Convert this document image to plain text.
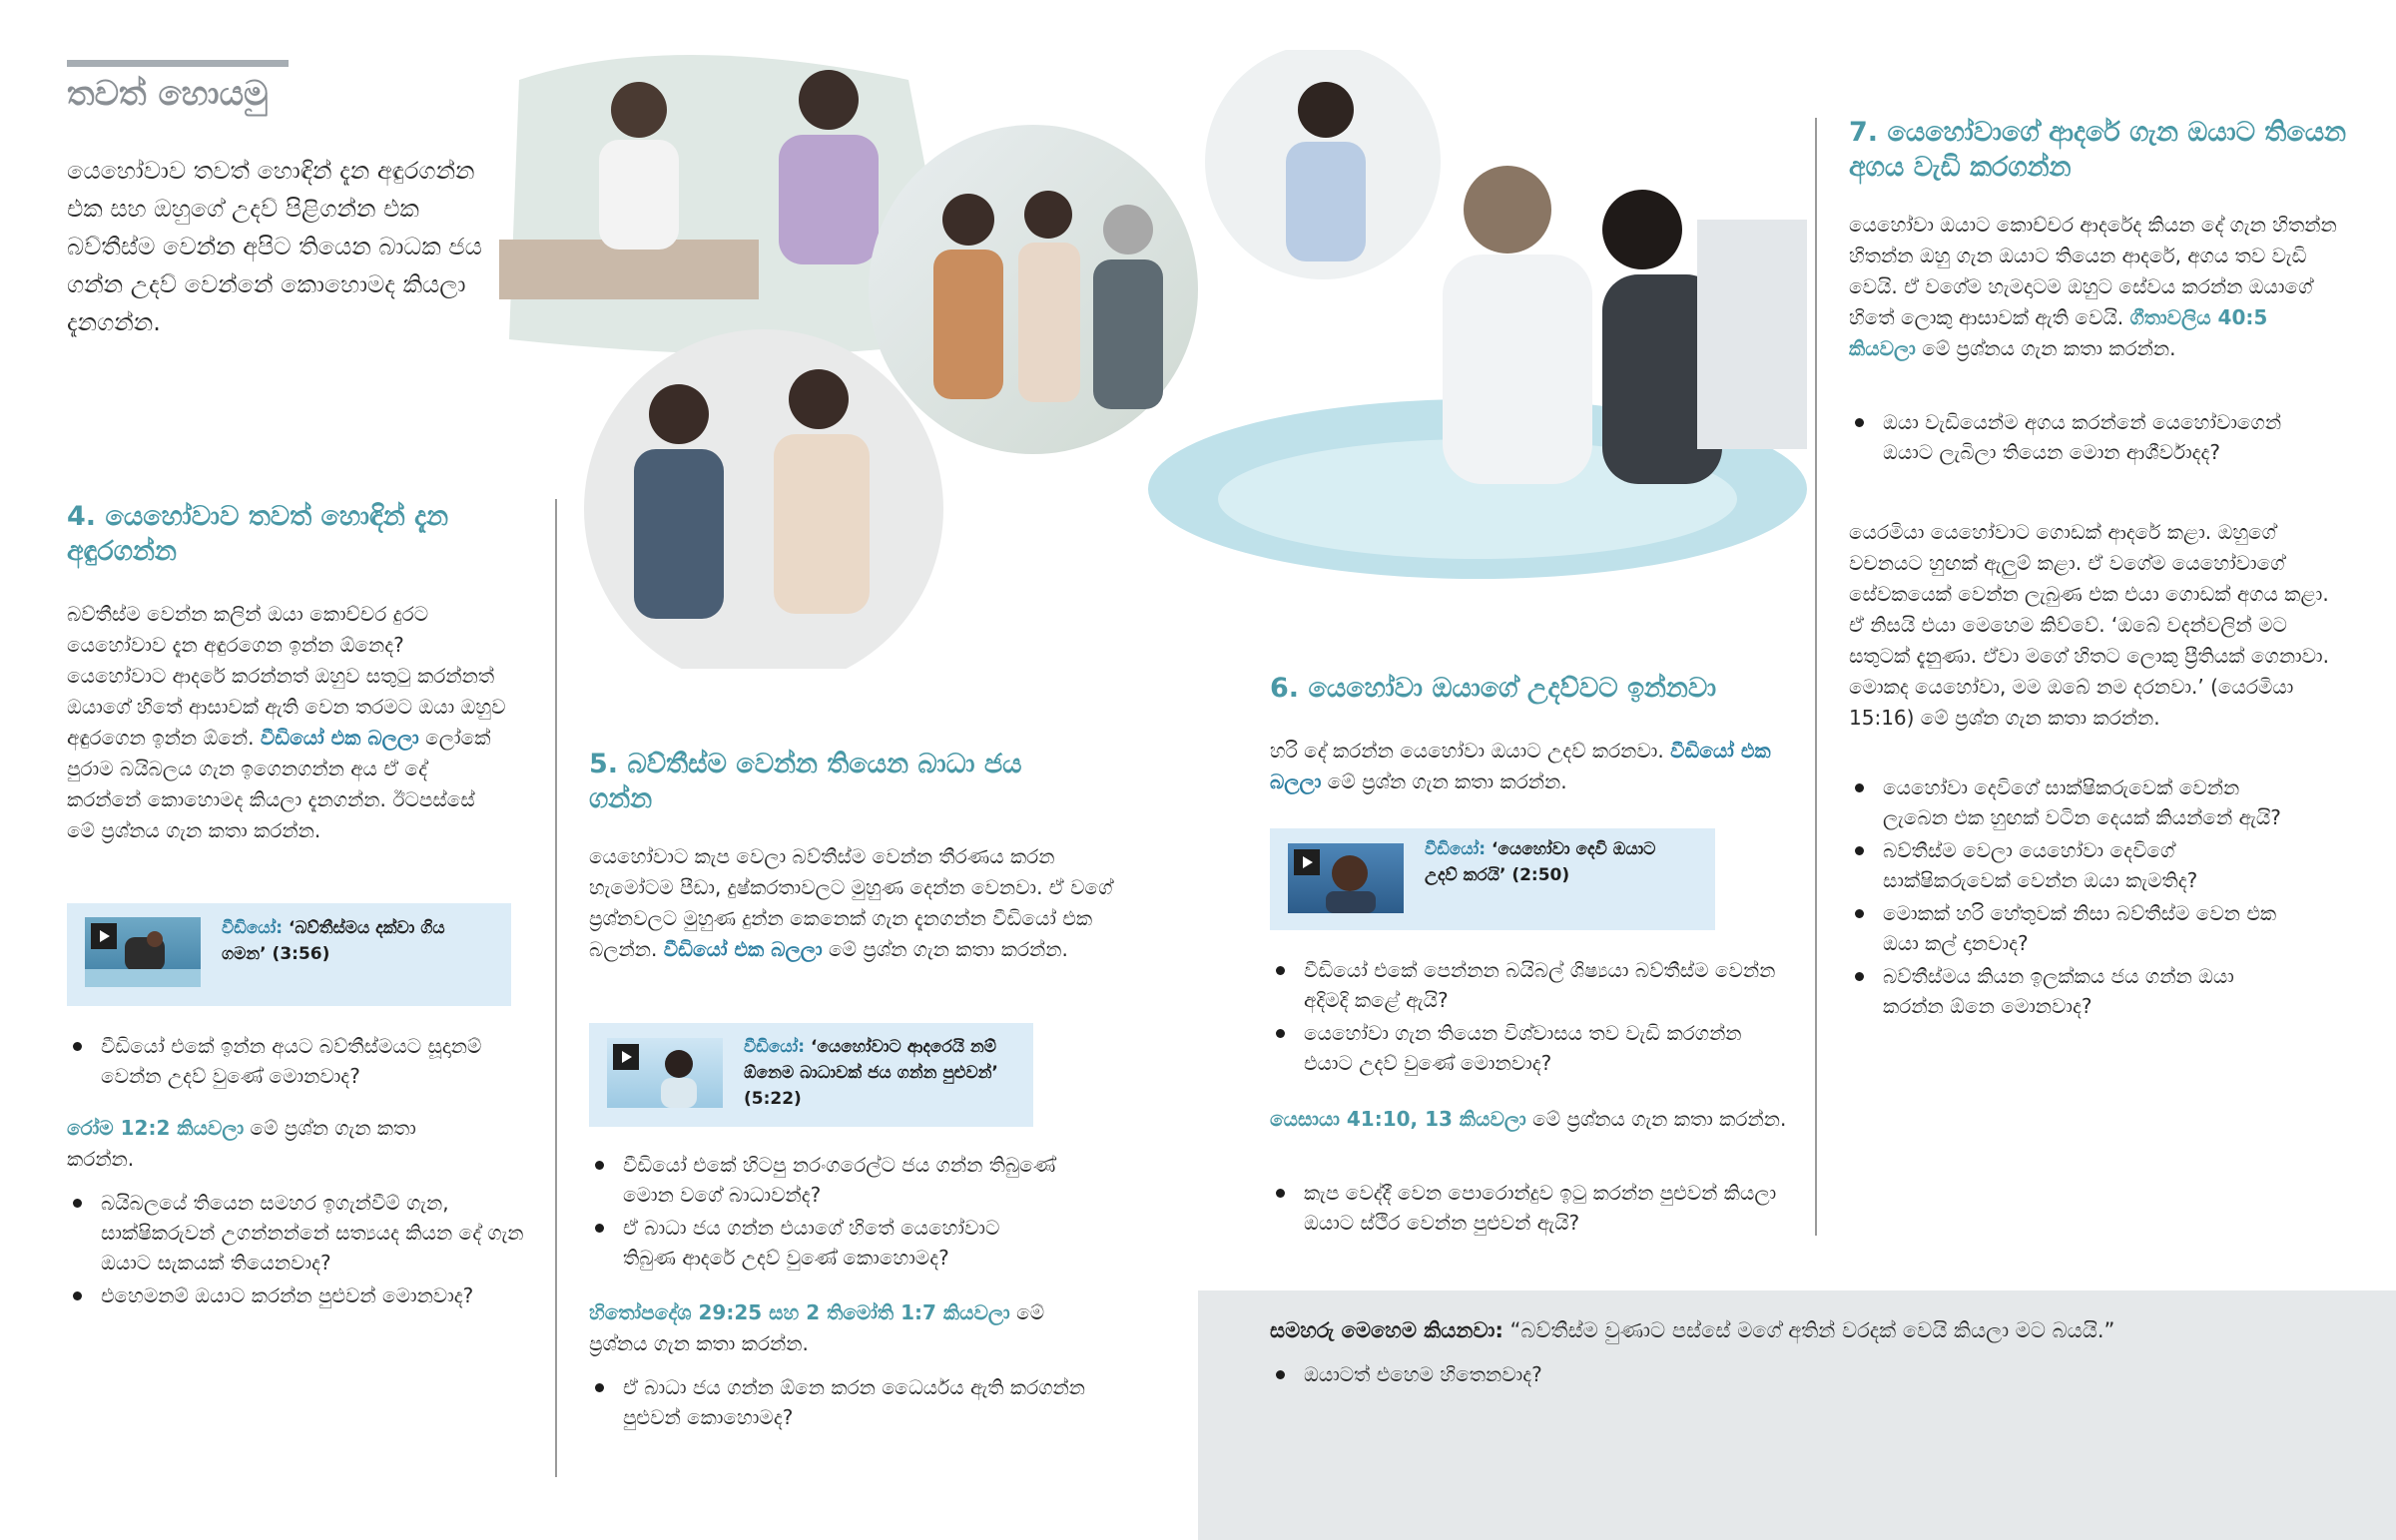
තවත් හොයමු
යෙහෝවාව තවත් හොඳින් දැන අඳුරගන්න එක සහ ඔහුගේ උදව් පිළිගන්න එක බව්තීස්ම වෙන්න අපිට තියෙන බාධක ජය ගන්න උදව් වෙන්නේ කොහොමද කියලා දැනගන්න.
4. යෙහෝවාව තවත් හොඳින් දැන අඳුරගන්න
බව්තීස්ම වෙන්න කලින් ඔයා කොච්චර දුරට යෙහෝවාව දැන අඳුරගෙන ඉන්න ඕනෙද? යෙහෝවාට ආදරේ කරන්නත් ඔහුව සතුටු කරන්නත් ඔයාගේ හිතේ ආසාවක් ඇති වෙන තරමට ඔයා ඔහුව අඳුරගෙන ඉන්න ඕනේ. වීඩියෝ එක බලලා ලෝකේ පුරාම බයිබලය ගැන ඉගෙනගන්න අය ඒ දේ කරන්නේ කොහොමද කියලා දැනගන්න. ඊටපස්සේ මේ ප්‍රශ්නය ගැන කතා කරන්න.
වීඩියෝ: ‘බව්තීස්මය දක්වා ගිය ගමන’ (3:56)
වීඩියෝ එකේ ඉන්න අයට බව්තීස්මයට සූදානම් වෙන්න උදව් වුණේ මොනවාද?
රෝම 12:2 කියවලා මේ ප්‍රශ්න ගැන කතා කරන්න.
බයිබලයේ තියෙන සමහර ඉගැන්වීම් ගැන, සාක්ෂිකරුවන් උගන්නන්නේ සත්‍යයද කියන දේ ගැන ඔයාට සැකයක් තියෙනවාද?
එහෙමනම් ඔයාට කරන්න පුළුවන් මොනවාද?
5. බව්තීස්ම වෙන්න තියෙන බාධා ජය ගන්න
යෙහෝවාට කැප වෙලා බව්තීස්ම වෙන්න තීරණය කරන හැමෝටම පීඩා, දුෂ්කරතාවලට මුහුණ දෙන්න වෙනවා. ඒ වගේ ප්‍රශ්නවලට මුහුණ දුන්න කෙනෙක් ගැන දැනගන්න වීඩියෝ එක බලන්න. වීඩියෝ එක බලලා මේ ප්‍රශ්න ගැන කතා කරන්න.
වීඩියෝ: ‘යෙහෝවාට ආදරෙයි නම් ඕනෙම බාධාවක් ජය ගන්න පුළුවන්’ (5:22)
වීඩියෝ එකේ හිටපු නරංගරෙල්ට ජය ගන්න තිබුණේ මොන වගේ බාධාවන්ද?
ඒ බාධා ජය ගන්න එයාගේ හිතේ යෙහෝවාට තිබුණ ආදරේ උදව් වුණේ කොහොමද?
හිතෝපදේශ 29:25 සහ 2 තිමෝති 1:7 කියවලා මේ ප්‍රශ්නය ගැන කතා කරන්න.
ඒ බාධා ජය ගන්න ඕනෙ කරන ධෛර්යය ඇති කරගන්න පුළුවන් කොහොමද?
6. යෙහෝවා ඔයාගේ උදව්වට ඉන්නවා
හරි දේ කරන්න යෙහෝවා ඔයාට උදව් කරනවා. වීඩියෝ එක බලලා මේ ප්‍රශ්න ගැන කතා කරන්න.
වීඩියෝ: ‘යෙහෝවා දෙවි ඔයාට උදව් කරයි’ (2:50)
වීඩියෝ එකේ පෙන්නන බයිබල් ශිෂ්‍යයා බව්තීස්ම වෙන්න අදිමදි කළේ ඇයි?
යෙහෝවා ගැන තියෙන විශ්වාසය තව වැඩි කරගන්න එයාට උදව් වුණේ මොනවාද?
යෙසායා 41:10, 13 කියවලා මේ ප්‍රශ්නය ගැන කතා කරන්න.
කැප වෙද්දී වෙන පොරොන්දුව ඉටු කරන්න පුළුවන් කියලා ඔයාට ස්ථිර වෙන්න පුළුවන් ඇයි?
7. යෙහෝවාගේ ආදරේ ගැන ඔයාට තියෙන අගය වැඩි කරගන්න
යෙහෝවා ඔයාට කොච්චර ආදරේද කියන දේ ගැන හිතන්න හිතන්න ඔහු ගැන ඔයාට තියෙන ආදරේ, අගය තව වැඩි වෙයි. ඒ වගේම හැමදාටම ඔහුට සේවය කරන්න ඔයාගේ හිතේ ලොකු ආසාවක් ඇති වෙයි. ගීතාවලිය 40:5 කියවලා මේ ප්‍රශ්නය ගැන කතා කරන්න.
ඔයා වැඩියෙන්ම අගය කරන්නේ යෙහෝවාගෙන් ඔයාට ලැබිලා තියෙන මොන ආශීර්වාදද?
යෙරමියා යෙහෝවාට ගොඩක් ආදරේ කළා. ඔහුගේ වචනයට හුඟක් ඇලුම් කළා. ඒ වගේම යෙහෝවාගේ සේවකයෙක් වෙන්න ලැබුණ එක එයා ගොඩක් අගය කළා. ඒ නිසයි එයා මෙහෙම කිව්වේ. ‘ඔබේ වදන්වලින් මට සතුටක් දැනුණා. ඒවා මගේ හිතට ලොකු ප්‍රීතියක් ගෙනාවා. මොකද යෙහෝවා, මම ඔබේ නම දරනවා.’ (යෙරමියා 15:16) මේ ප්‍රශ්න ගැන කතා කරන්න.
යෙහෝවා දෙවිගේ සාක්ෂිකරුවෙක් වෙන්න ලැබෙන එක හුඟක් වටින දෙයක් කියන්නේ ඇයි?
බව්තීස්ම වෙලා යෙහෝවා දෙවිගේ සාක්ෂිකරුවෙක් වෙන්න ඔයා කැමතිද?
මොකක් හරි හේතුවක් නිසා බව්තීස්ම වෙන එක ඔයා කල් දානවාද?
බව්තීස්මය කියන ඉලක්කය ජය ගන්න ඔයා කරන්න ඕනෙ මොනවාද?
සමහරු මෙහෙම කියනවා: “බව්තීස්ම වුණාට පස්සේ මගේ අතින් වරදක් වෙයි කියලා මට බයයි.”
ඔයාටත් එහෙම හිතෙනවාද?
